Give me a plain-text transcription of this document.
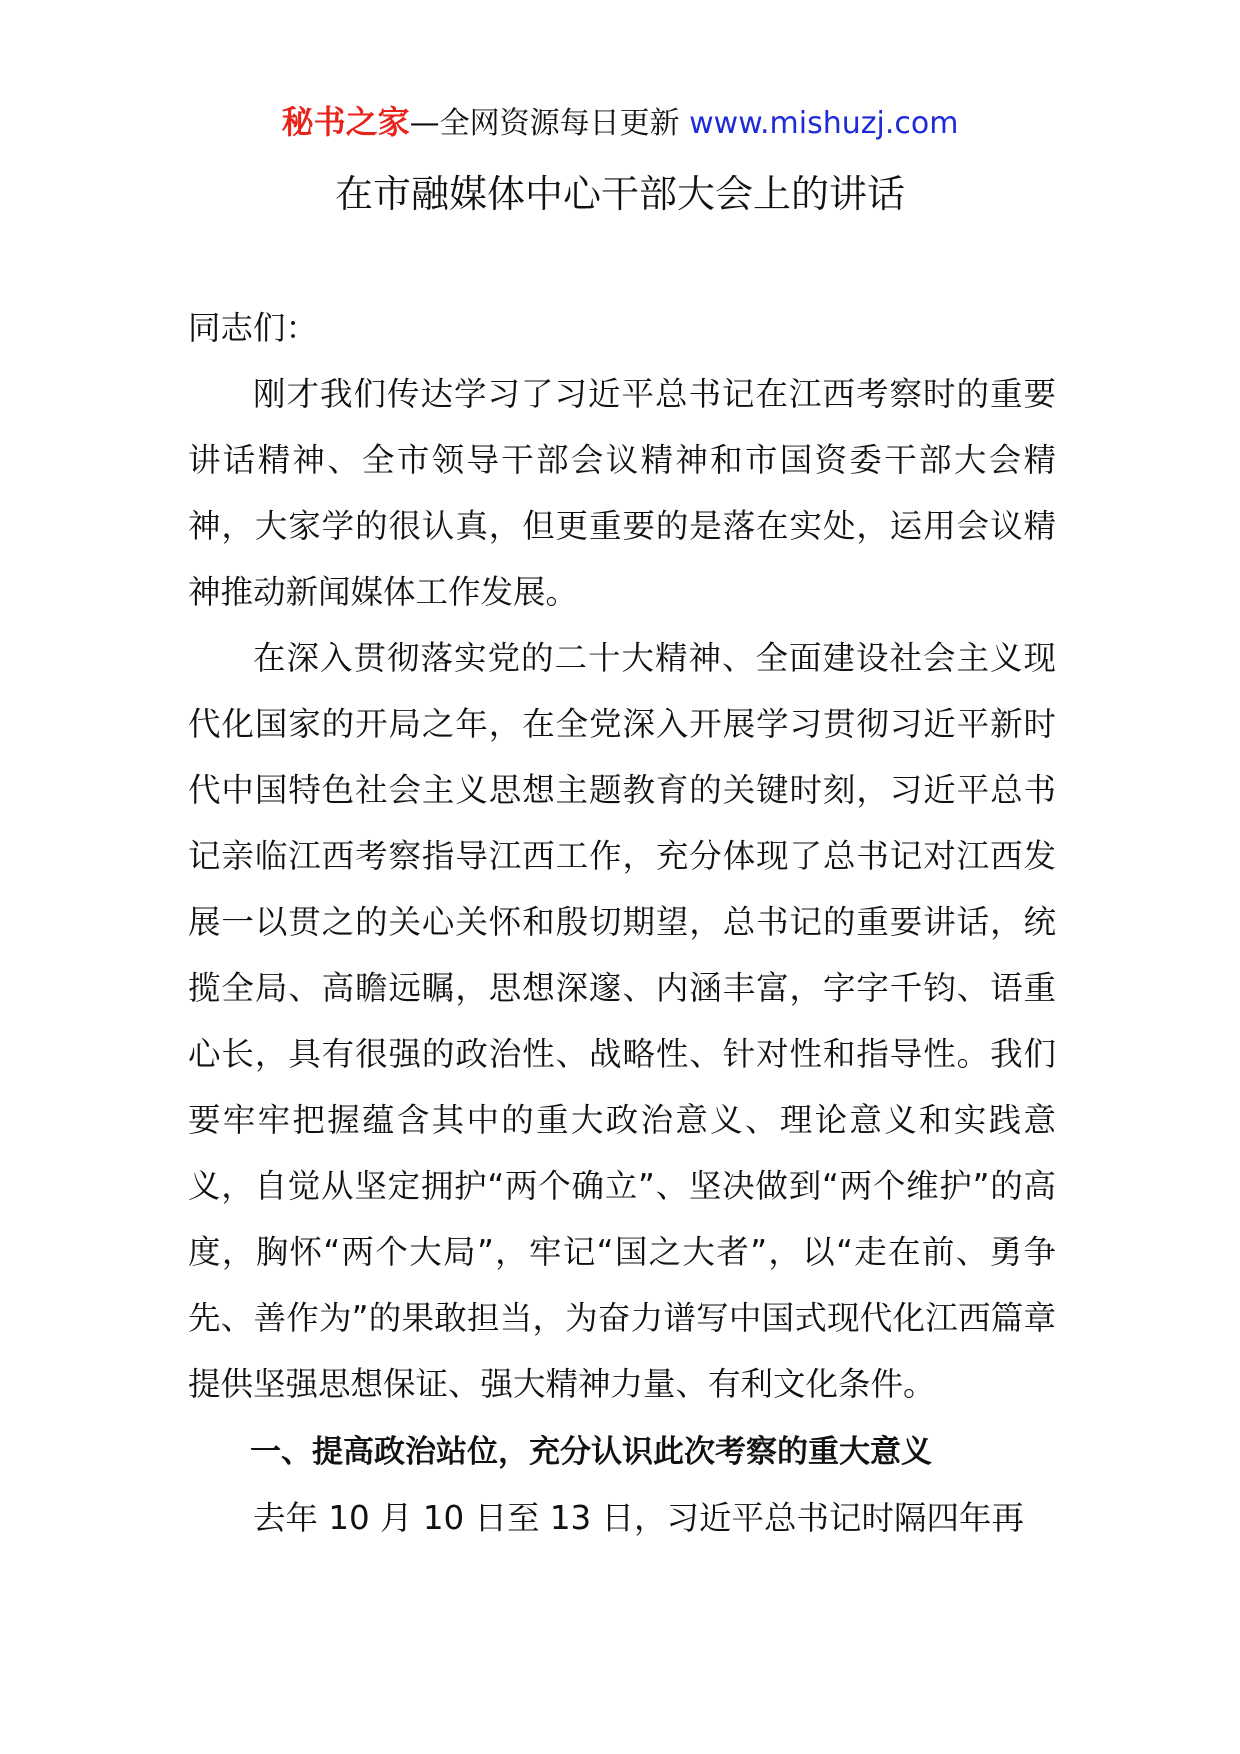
秘书之家—全网资源每日更新 www.mishuzj.com
在市融媒体中心干部大会上的讲话

同志们：

刚才我们传达学习了习近平总书记在江西考察时的重要讲话精神、全市领导干部会议精神和市国资委干部大会精神，大家学的很认真，但更重要的是落在实处，运用会议精神推动新闻媒体工作发展。

在深入贯彻落实党的二十大精神、全面建设社会主义现代化国家的开局之年，在全党深入开展学习贯彻习近平新时代中国特色社会主义思想主题教育的关键时刻，习近平总书记亲临江西考察指导江西工作，充分体现了总书记对江西发展一以贯之的关心关怀和殷切期望，总书记的重要讲话，统揽全局、高瞻远瞩，思想深邃、内涵丰富，字字千钧、语重心长，具有很强的政治性、战略性、针对性和指导性。我们要牢牢把握蕴含其中的重大政治意义、理论意义和实践意义，自觉从坚定拥护“两个确立”、坚决做到“两个维护”的高度，胸怀“两个大局”，牢记“国之大者”，以“走在前、勇争先、善作为”的果敢担当，为奋力谱写中国式现代化江西篇章提供坚强思想保证、强大精神力量、有利文化条件。

一、提高政治站位，充分认识此次考察的重大意义

去年 10 月 10 日至 13 日，习近平总书记时隔四年再
